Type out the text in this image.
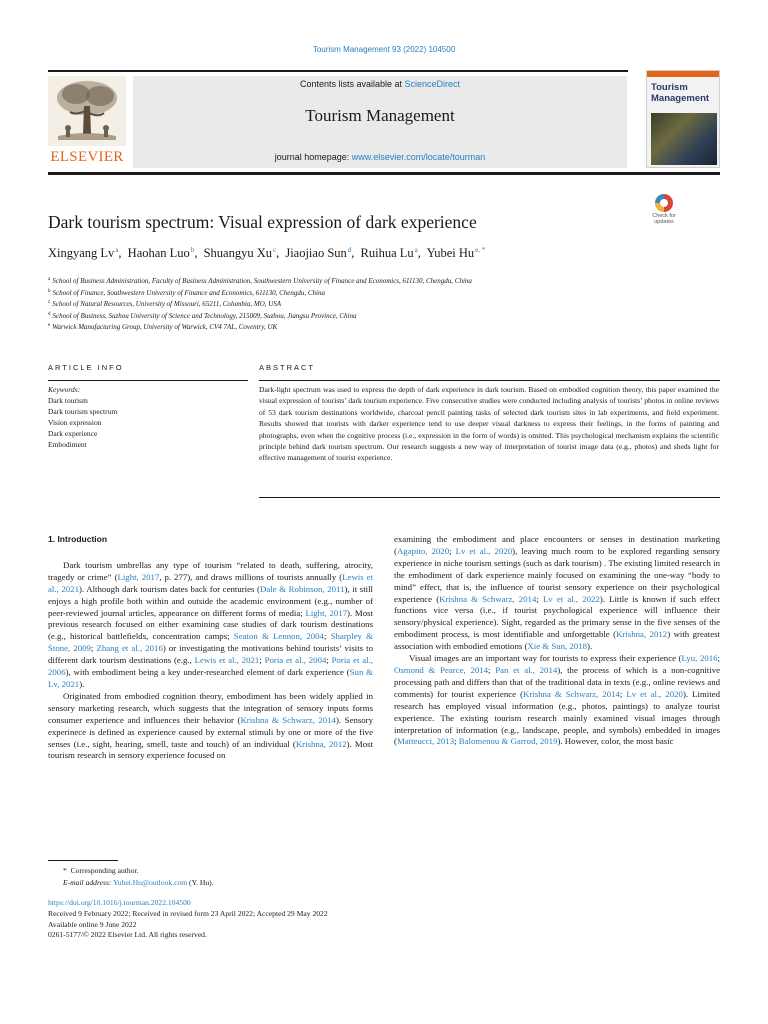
Tourism Management 93 (2022) 104500
ELSEVIER
Contents lists available at ScienceDirect
Tourism Management
journal homepage: www.elsevier.com/locate/tourman
Tourism Management
Dark tourism spectrum: Visual expression of dark experience	Check for updates
Xingyang Lv$^a$, Haohan Luo$^b$, Shuangyu Xu$^c$, Jiaojiao Sun$^d$, Ruihua Lu$^a$, Yubei $Hu^{e, *}$
$^a$ School of Business Administration, Faculty of Business Administration, Southwestern University of Finance and Economics, 611130, Chengdu, China
$^b$ School of Finance, Southwestern University of Finance and Economics, 611130, Chengdu, China
$^c$ School of Natural Resources, University of Missouri, 65211, Columbia, MO, USA
$^d$ School of Business, Suzhou University of Science and Technology, 215009, Suzhou, Jiangsu Province, China
$^e$ Warwick Manufacturing Group, University of Warwick, CV4 7AL, Coventry, UK
ARTICLE INFO	ABSTRACT
Keywords:
Dark tourism
Dark tourism spectrum
Vision expression
Dark experience
Embodiment
Dark-light spectrum was used to express the depth of dark experience in dark tourism. Based on embodied cognition theory, this paper examined the visual expression of tourists’ dark tourism experience. Five consecutive studies were conducted including analysis of tourists’ photos in online reviews of 53 dark tourism destinations worldwide, charcoal pencil painting tasks of selected dark tourism sites in lab experiments, and field experiment. Results showed that tourists with darker experience tend to use deeper visual darkness to express their feelings, in the forms of painting and photographs, even when the cognitive process (i.e., expression in the form of words) is omitted. This psychological mechanism explains the scientific principle behind dark tourism spectrum. Our research suggests a new way of interpretation of tourist image data (e.g., photos) and sheds light for effective management of tourist experience.
1. Introduction

Dark tourism umbrellas any type of tourism “related to death, suffering, atrocity, tragedy or crime” (Light, 2017, p. 277), and draws millions of tourists annually (Lewis et al., 2021). Although dark tourism dates back for centuries (Dale & Robinson, 2011), it still enjoys a high profile both within and outside the academic environment (e.g., number of peer-reviewed journal articles, appearance on different forms of media; Light, 2017). Most previous research focused on either examining case studies of dark tourism destinations (e.g., historical battlefields, concentration camps; Seaton & Lennon, 2004; Sharpley & Stone, 2009; Zhang et al., 2016) or investigating the motivations behind tourists’ visits to different dark tourism destinations (e.g., Lewis et al., 2021; Poria et al., 2004; Poria et al., 2006), with embodiment being a key under-researched element of dark experience (Sun & Lv, 2021).

Originated from embodied cognition theory, embodiment has been widely applied in sensory marketing research, which suggests that the integration of sensory inputs forms consumer experience and influences their behavior (Krishna & Schwarz, 2014). Sensory experinece is defined as experience caused by external stimuli by one or more of the five senses (i.e., sight, hearing, smell, taste and touch) of an individual (Krishna, 2012). Most tourism research in sensory experience focused on

examining the embodiment and place encounters or senses in destination marketing (Agapito, 2020; Lv et al., 2020), leaving much room to be explored regarding sensory experience in niche tourism settings (such as dark tourism) . The existing limited research in the embodiment of dark experience mainly focused on examining the one-way “body to mind” effect, that is, the influence of tourist sensory experience on their psychological experience (Krishna & Schwarz, 2014; Lv et al., 2022). Little is known if such effect functions vice versa (i.e., if tourist psychological experience will influence their sensory/physical experience). Sight, regarded as the primary sense in the five senses of the embodiment process, is most identifiable and unforgettable (Krishna, 2012) with greatest association with embodied emotions (Xie & Sun, 2018).

Visual images are an important way for tourists to express their experience (Lyu, 2016; Osmond & Pearce, 2014; Pan et al., 2014), the process of which is a non-cognitive processing path and differs than that of the traditional data in texts (e.g., online reviews and comments) for tourist experience (Krishna & Schwarz, 2014; Lv et al., 2020). Limited research has employed visual information (e.g., photos, paintings) to analyze tourist experience. The existing tourism research mainly examined visual images through interpretation of information (e.g., landscape, people, and symbols) embedded in images (Matteucci, 2013; Balomenou & Garrod, 2019). However, color, the most basic

* Corresponding author.
E-mail address: Yubei.Hu@outlook.com (Y. Hu).
https://doi.org/10.1016/j.tourman.2022.104500
Received 9 February 2022; Received in revised form 23 April 2022; Accepted 29 May 2022
Available online 9 June 2022
0261-5177/© 2022 Elsevier Ltd. All rights reserved.
